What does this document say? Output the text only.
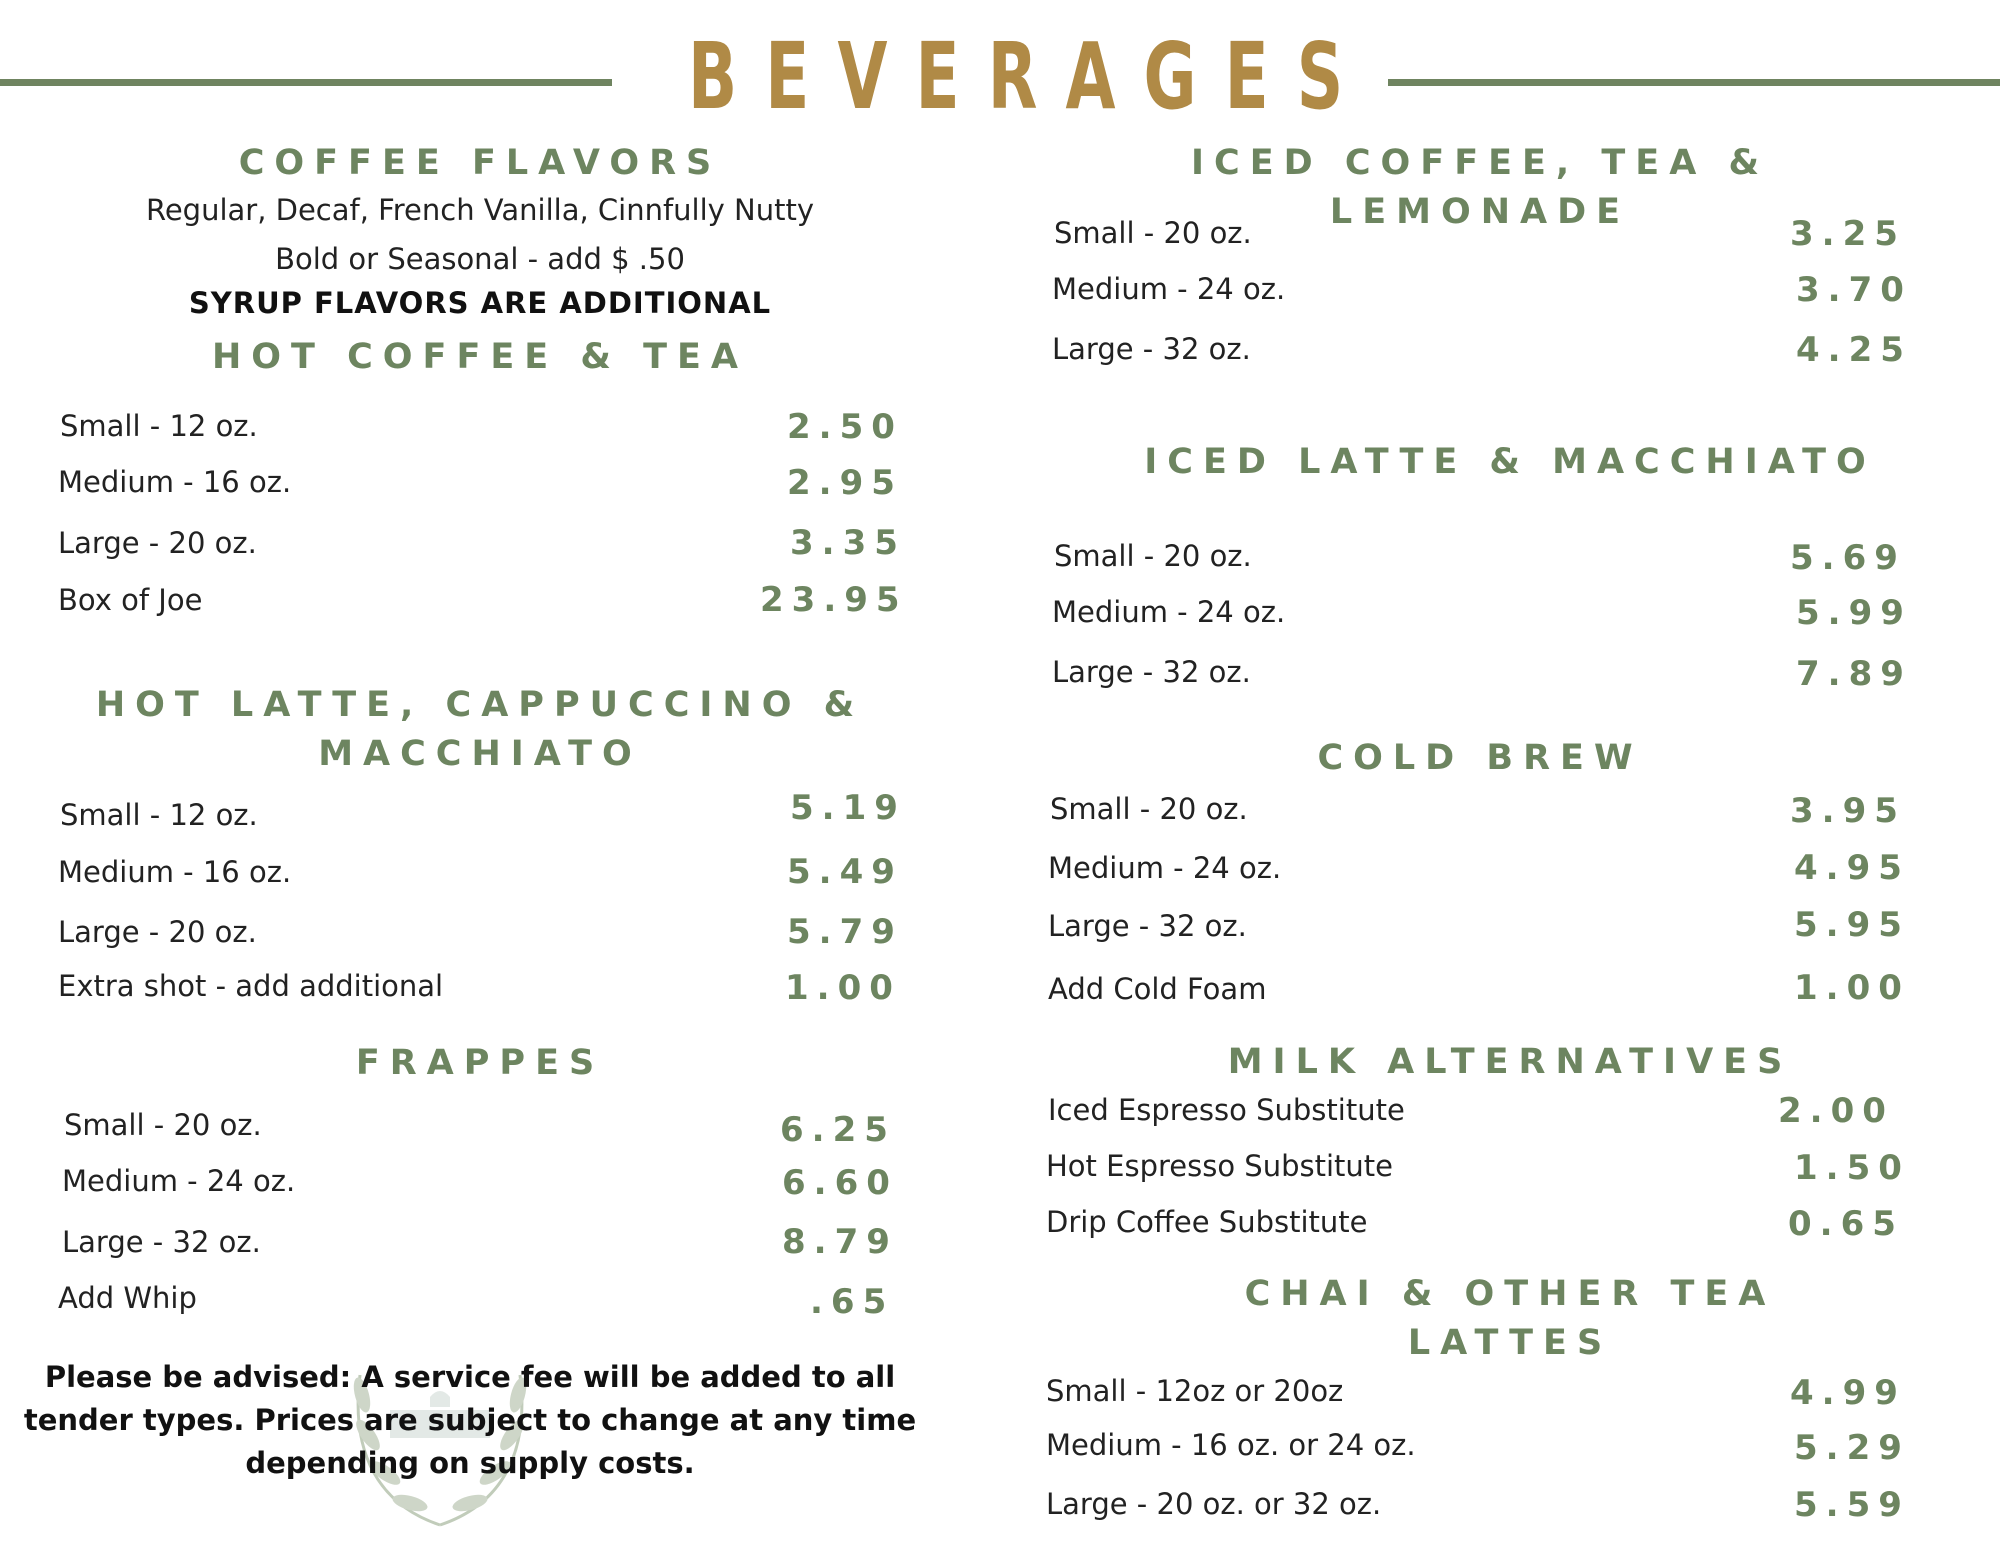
BEVERAGES
COFFEE FLAVORS
Regular, Decaf, French Vanilla, Cinnfully Nutty
Bold or Seasonal - add $ .50
SYRUP FLAVORS ARE ADDITIONAL
HOT COFFEE & TEA
Small - 12 oz.	2.50
Medium - 16 oz.	2.95
Large - 20 oz.	3.35
Box of Joe	23.95
HOT LATTE, CAPPUCCINO &
MACCHIATO
Small - 12 oz.	5.19
Medium - 16 oz.	5.49
Large - 20 oz.	5.79
Extra shot - add additional	1.00
FRAPPES
Small - 20 oz.	6.25
Medium - 24 oz.	6.60
Large - 32 oz.	8.79
Add Whip	.65
Please be advised: A service fee will be added to all
tender types. Prices are subject to change at any time
depending on supply costs.
ICED COFFEE, TEA &
LEMONADE
Small - 20 oz.	3.25
Medium - 24 oz.	3.70
Large - 32 oz.	4.25
ICED LATTE & MACCHIATO
Small - 20 oz.	5.69
Medium - 24 oz.	5.99
Large - 32 oz.	7.89
COLD BREW
Small - 20 oz.	3.95
Medium - 24 oz.	4.95
Large - 32 oz.	5.95
Add Cold Foam	1.00
MILK ALTERNATIVES
Iced Espresso Substitute	2.00
Hot Espresso Substitute	1.50
Drip Coffee Substitute	0.65
CHAI & OTHER TEA
LATTES
Small - 12oz or 20oz	4.99
Medium - 16 oz. or 24 oz.	5.29
Large - 20 oz. or 32 oz.	5.59
